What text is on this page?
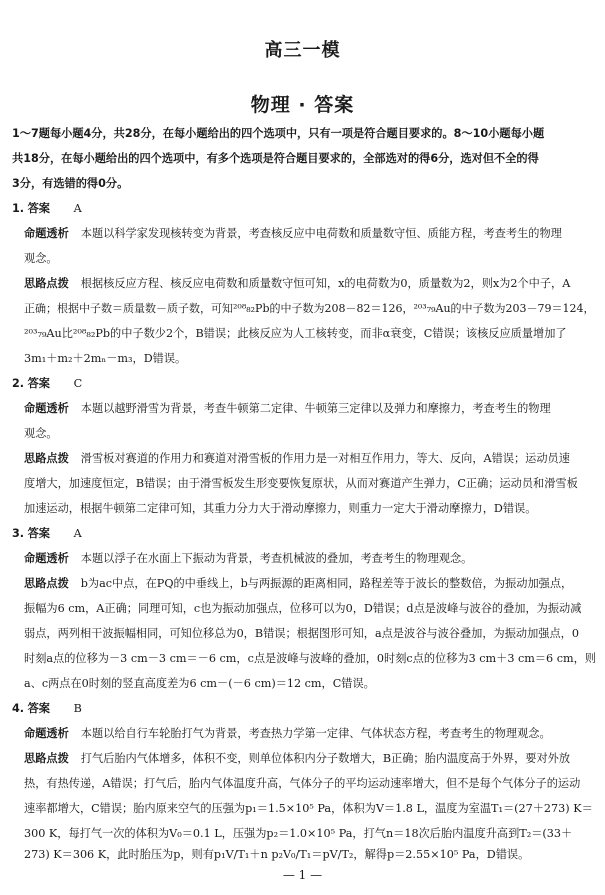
高三一模
物理 · 答案
1～7题每小题4分，共28分，在每小题给出的四个选项中，只有一项是符合题目要求的。8～10小题每小题
共18分，在每小题给出的四个选项中，有多个选项是符合题目要求的，全部选对的得6分，选对但不全的得
3分，有选错的得0分。
1. 答案 A
命题透析 本题以科学家发现核转变为背景，考查核反应中电荷数和质量数守恒、质能方程，考查考生的物理
观念。
思路点拨 根据核反应方程、核反应电荷数和质量数守恒可知，x的电荷数为0，质量数为2，则x为2个中子，A
正确；根据中子数＝质量数－质子数，可知²⁰⁸₈₂Pb的中子数为208－82＝126，²⁰³₇₉Au的中子数为203－79＝124，
²⁰³₇₉Au比²⁰⁸₈₂Pb的中子数少2个，B错误；此核反应为人工核转变，而非α衰变，C错误；该核反应质量增加了
3m₁＋m₂＋2mₙ－m₃，D错误。
2. 答案 C
命题透析 本题以越野滑雪为背景，考查牛顿第二定律、牛顿第三定律以及弹力和摩擦力，考查考生的物理
观念。
思路点拨 滑雪板对赛道的作用力和赛道对滑雪板的作用力是一对相互作用力，等大、反向，A错误；运动员速
度增大，加速度恒定，B错误；由于滑雪板发生形变要恢复原状，从而对赛道产生弹力，C正确；运动员和滑雪板
加速运动，根据牛顿第二定律可知，其重力分力大于滑动摩擦力，则重力一定大于滑动摩擦力，D错误。
3. 答案 A
命题透析 本题以浮子在水面上下振动为背景，考查机械波的叠加，考查考生的物理观念。
思路点拨 b为ac中点，在PQ的中垂线上，b与两振源的距离相同，路程差等于波长的整数倍，为振动加强点，
振幅为6 cm，A正确；同理可知，c也为振动加强点，位移可以为0，D错误；d点是波峰与波谷的叠加，为振动减
弱点，两列相干波振幅相同，可知位移总为0，B错误；根据图形可知，a点是波谷与波谷叠加，为振动加强点，0
时刻a点的位移为－3 cm－3 cm＝－6 cm，c点是波峰与波峰的叠加，0时刻c点的位移为3 cm＋3 cm＝6 cm，则
a、c两点在0时刻的竖直高度差为6 cm－(－6 cm)＝12 cm，C错误。
4. 答案 B
命题透析 本题以给自行车轮胎打气为背景，考查热力学第一定律、气体状态方程，考查考生的物理观念。
思路点拨 打气后胎内气体增多，体积不变，则单位体积内分子数增大，B正确；胎内温度高于外界，要对外放
热，有热传递，A错误；打气后，胎内气体温度升高，气体分子的平均运动速率增大，但不是每个气体分子的运动
速率都增大，C错误；胎内原来空气的压强为p₁＝1.5×10⁵ Pa，体积为V＝1.8 L，温度为室温T₁＝(27＋273) K＝
300 K，每打气一次的体积为V₀＝0.1 L，压强为p₂＝1.0×10⁵ Pa，打气n＝18次后胎内温度升高到T₂＝(33＋
273) K＝306 K，此时胎压为p，则有p₁V/T₁＋n p₂V₀/T₁＝pV/T₂，解得p＝2.55×10⁵ Pa，D错误。
— 1 —
